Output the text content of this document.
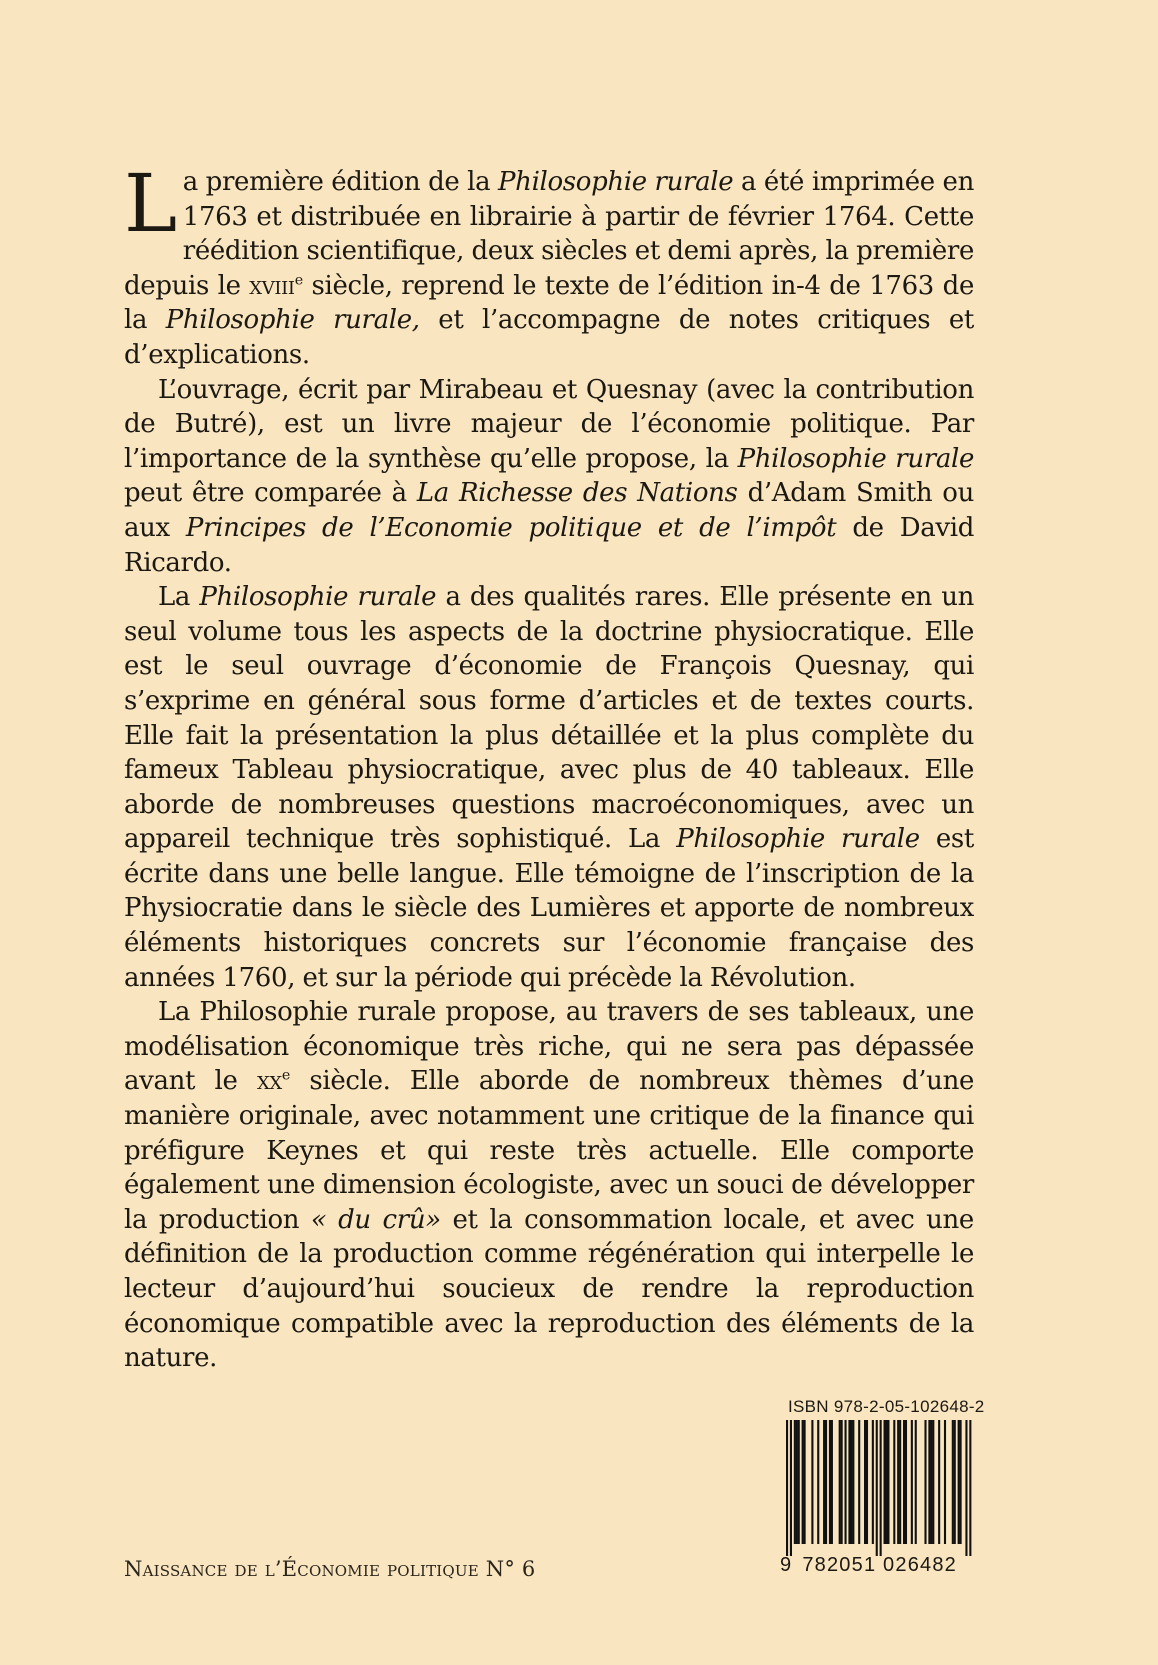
La première édition de la Philosophie rurale a été imprimée en 1763 et distribuée en librairie à partir de février 1764. Cette réédition scientifique, deux siècles et demi après, la première depuis le xviii$^e$ siècle, reprend le texte de l’édition in-4 de 1763 de la Philosophie rurale, et l’accompagne de notes critiques et d’explications.

L’ouvrage, écrit par Mirabeau et Quesnay (avec la contribution de Butré), est un livre majeur de l’économie politique. Par l’importance de la synthèse qu’elle propose, la Philosophie rurale peut être comparée à La Richesse des Nations d’Adam Smith ou aux Principes de l’Economie politique et de l’impôt de David Ricardo.

La Philosophie rurale a des qualités rares. Elle présente en un seul volume tous les aspects de la doctrine physiocratique. Elle est le seul ouvrage d’économie de François Quesnay, qui s’exprime en général sous forme d’articles et de textes courts. Elle fait la présentation la plus détaillée et la plus complète du fameux Tableau physiocratique, avec plus de 40 tableaux. Elle aborde de nombreuses questions macroéconomiques, avec un appareil technique très sophistiqué. La Philosophie rurale est écrite dans une belle langue. Elle témoigne de l’inscription de la Physiocratie dans le siècle des Lumières et apporte de nombreux éléments historiques concrets sur l’économie française des années 1760, et sur la période qui précède la Révolution.

La Philosophie rurale propose, au travers de ses tableaux, une modélisation économique très riche, qui ne sera pas dépassée avant le $xx^e$ siècle. Elle aborde de nombreux thèmes d’une manière originale, avec notamment une critique de la finance qui préfigure Keynes et qui reste très actuelle. Elle comporte également une dimension écologiste, avec un souci de développer la production « du crû» et la consommation locale, et avec une définition de la production comme régénération qui interpelle le lecteur d’aujourd’hui soucieux de rendre la reproduction économique compatible avec la reproduction des éléments de la nature.

Naissance de l’Économie politique N° 6
ISBN 978-2-05-102648-2
9 782051 026482
